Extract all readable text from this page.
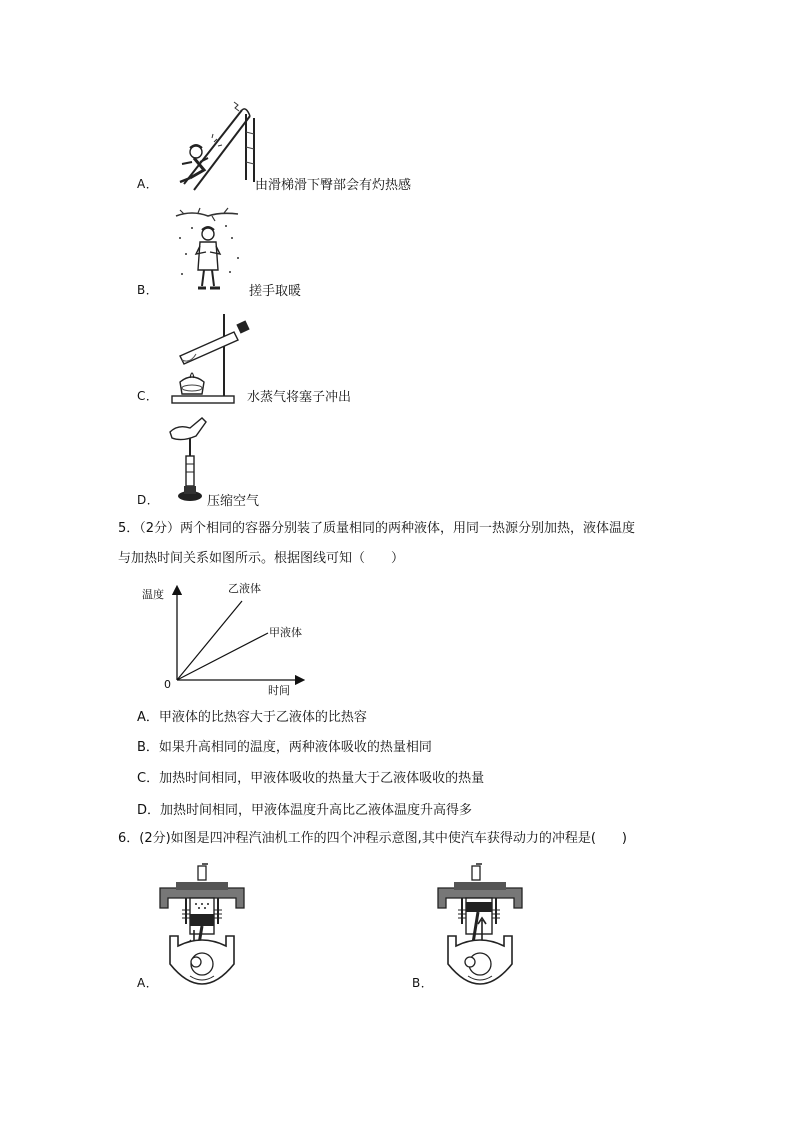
A．	由滑梯滑下臀部会有灼热感
B．	搓手取暖
C．	水蒸气将塞子冲出
D．	压缩空气
5．（2分）两个相同的容器分别装了质量相同的两种液体，用同一热源分别加热，液体温度
与加热时间关系如图所示。根据图线可知（　　）
温度
时间
0
乙液体
甲液体
A．甲液体的比热容大于乙液体的比热容
B．如果升高相同的温度，两种液体吸收的热量相同
C．加热时间相同，甲液体吸收的热量大于乙液体吸收的热量
D．加热时间相同，甲液体温度升高比乙液体温度升高得多
6．(2分)如图是四冲程汽油机工作的四个冲程示意图,其中使汽车获得动力的冲程是(　　)
A．	B．
